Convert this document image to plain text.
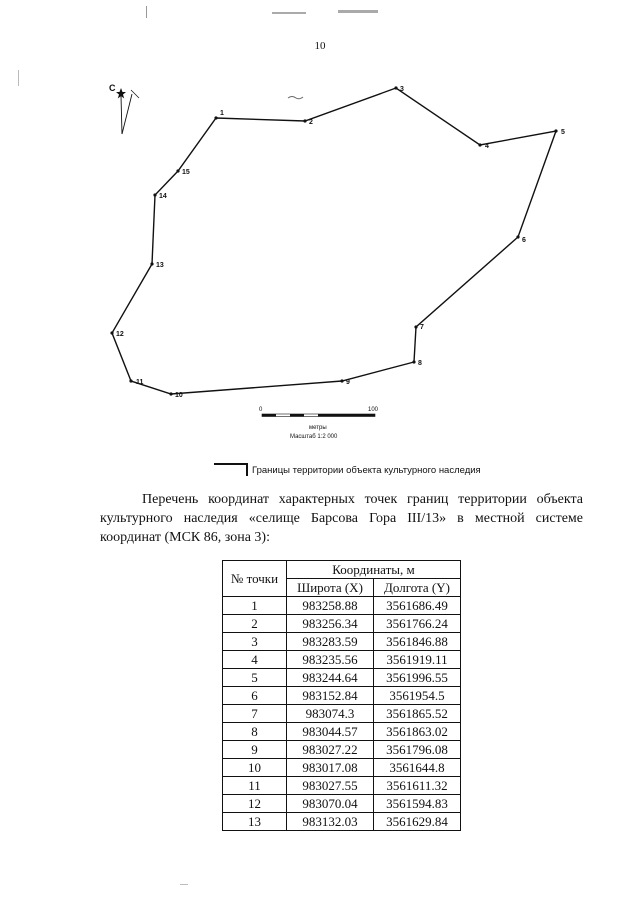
10
С
1
2
3
4
5
6
7
8
9
10
11
12
13
14
15
0	100
метры
Масштаб 1:2 000
Границы территории объекта культурного наследия
Перечень координат характерных точек границ территории объекта культурного наследия «селище Барсова Гора III/13» в местной системе координат (МСК 86, зона 3):
№ точки	Координаты, м	
	Широта (X)	Долгота (Y)
1	983258.88	3561686.49
2	983256.34	3561766.24
3	983283.59	3561846.88
4	983235.56	3561919.11
5	983244.64	3561996.55
6	983152.84	3561954.5
7	983074.3	3561865.52
8	983044.57	3561863.02
9	983027.22	3561796.08
10	983017.08	3561644.8
11	983027.55	3561611.32
12	983070.04	3561594.83
13	983132.03	3561629.84
